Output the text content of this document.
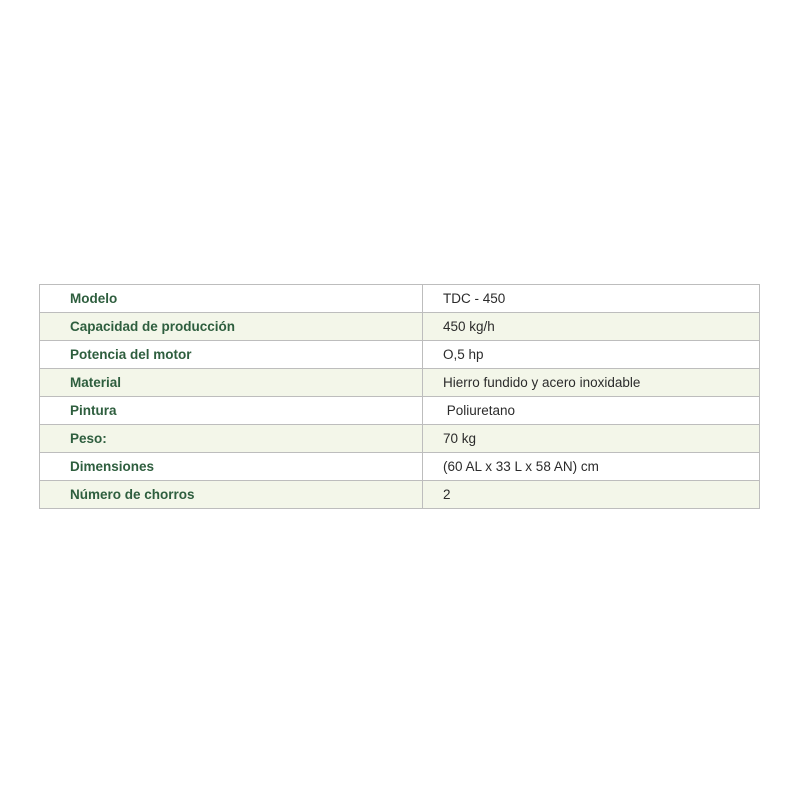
Modelo	TDC - 450
Capacidad de producción	450 kg/h
Potencia del motor	O,5 hp
Material	Hierro fundido y acero inoxidable
Pintura	Poliuretano
Peso:	70 kg
Dimensiones	(60 AL x 33 L x 58 AN) cm
Número de chorros	2
